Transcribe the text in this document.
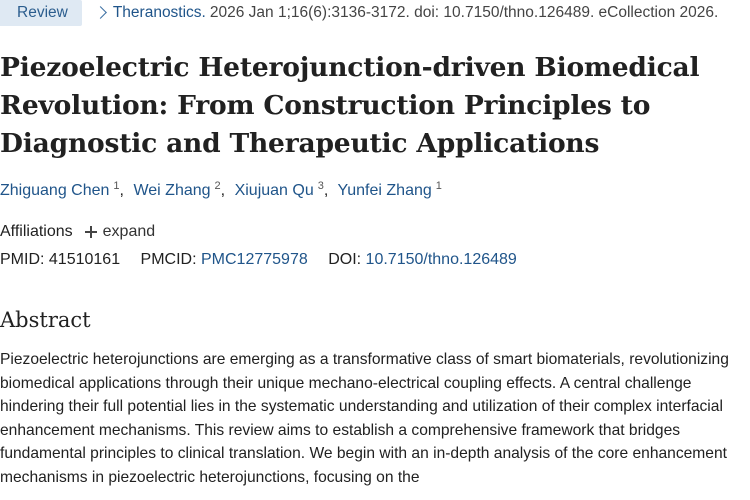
Review	Theranostics. 2026 Jan 1;16(6):3136-3172. doi: 10.7150/thno.126489. eCollection 2026.
Piezoelectric Heterojunction-driven Biomedical Revolution: From Construction Principles to Diagnostic and Therapeutic Applications
Zhiguang Chen $^1$, Wei Zhang $^2$, Xiujuan Qu $^3$, Yunfei Zhang $^1$
Affiliations expand
PMID: 41510161 PMCID: PMC12775978 DOI: 10.7150/thno.126489
Abstract

Piezoelectric heterojunctions are emerging as a transformative class of smart biomaterials, revolutionizing biomedical applications through their unique mechano-electrical coupling effects. A central challenge hindering their full potential lies in the systematic understanding and utilization of their complex interfacial enhancement mechanisms. This review aims to establish a comprehensive framework that bridges fundamental principles to clinical translation. We begin with an in-depth analysis of the core enhancement mechanisms in piezoelectric heterojunctions, focusing on the
